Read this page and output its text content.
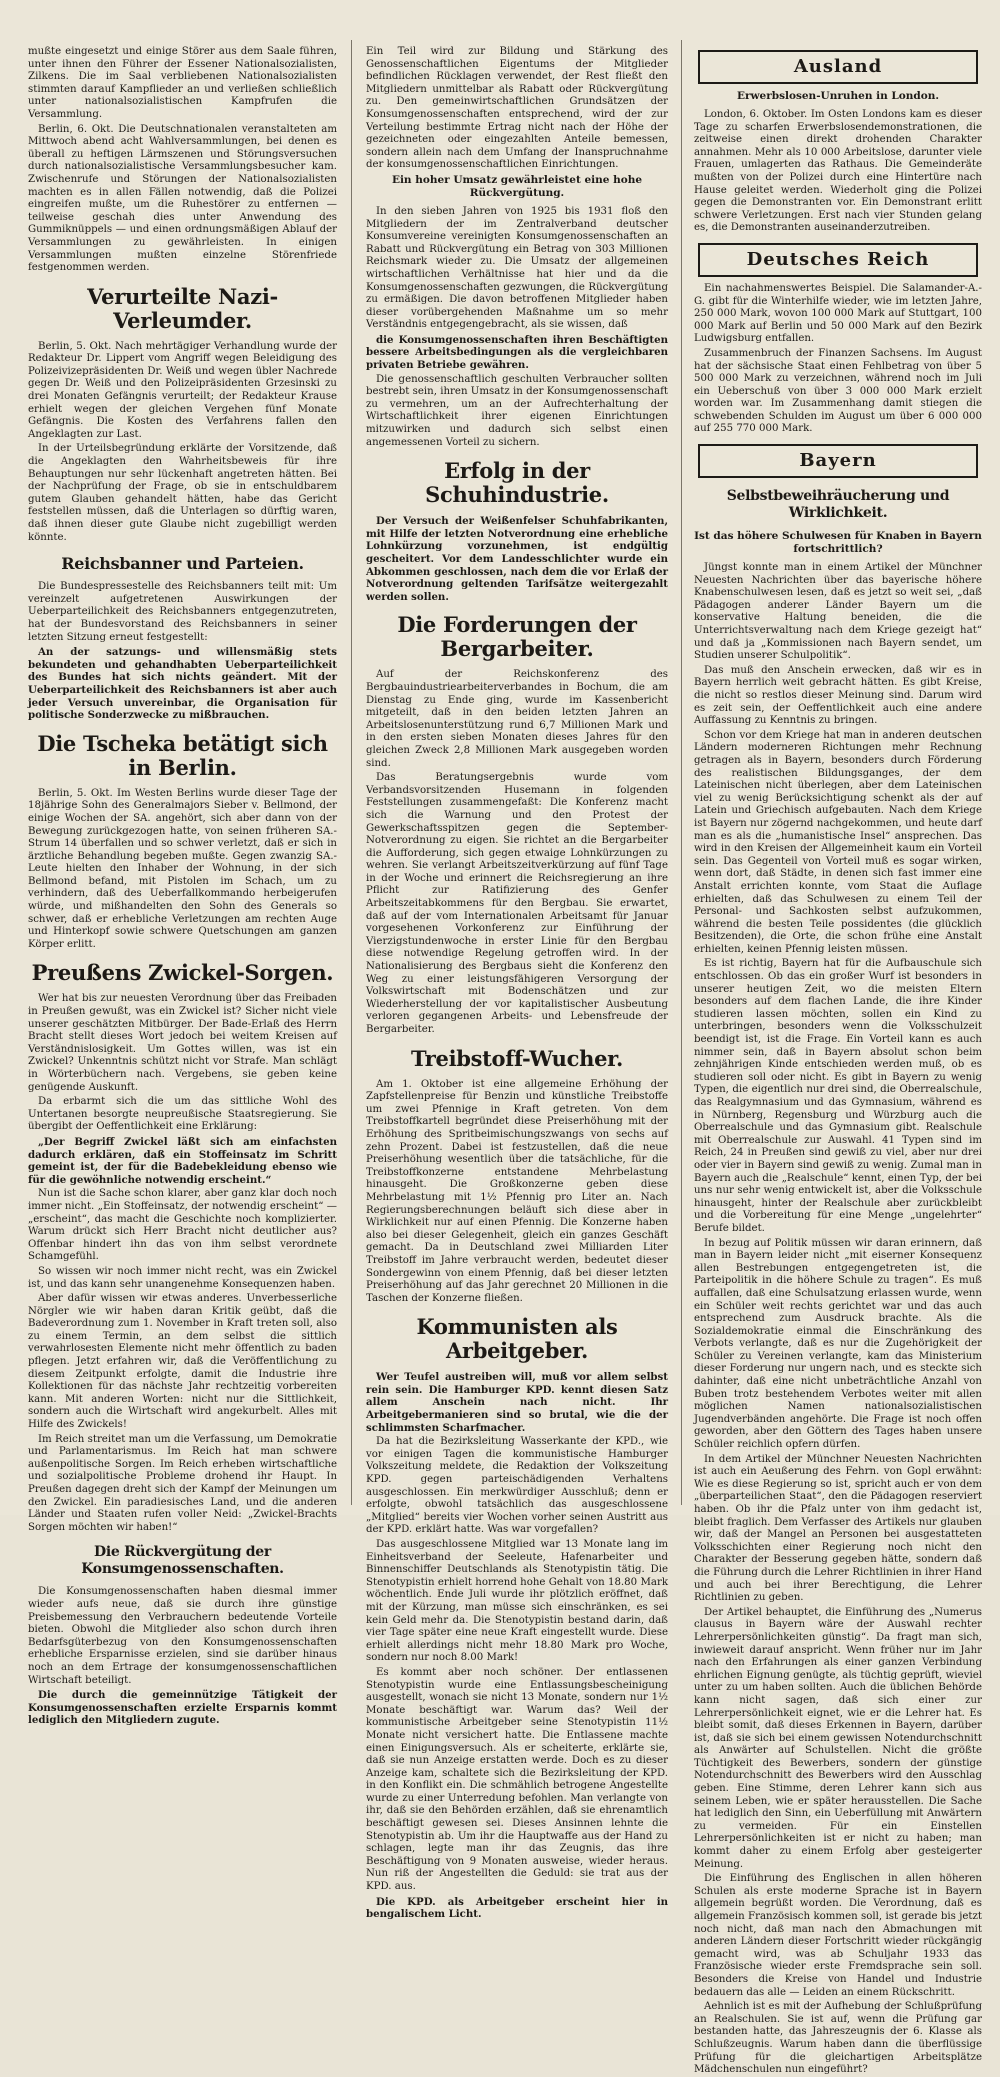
mußte eingesetzt und einige Störer aus dem Saale führen, unter ihnen den Führer der Essener Nationalsozialisten, Zilkens. Die im Saal verbliebenen Nationalsozialisten stimmten darauf Kampflieder an und verließen schließlich unter nationalsozialistischen Kampfrufen die Versammlung.

Berlin, 6. Okt. Die Deutschnationalen veranstalteten am Mittwoch abend acht Wahlversammlungen, bei denen es überall zu heftigen Lärmszenen und Störungsversuchen durch nationalsozialistische Versammlungsbesucher kam. Zwischenrufe und Störungen der Nationalsozialisten machten es in allen Fällen notwendig, daß die Polizei eingreifen mußte, um die Ruhestörer zu entfernen — teilweise geschah dies unter Anwendung des Gummiknüppels — und einen ordnungsmäßigen Ablauf der Versammlungen zu gewährleisten. In einigen Versammlungen mußten einzelne Störenfriede festgenommen werden.

Verurteilte Nazi-Verleumder.

Berlin, 5. Okt. Nach mehrtägiger Verhandlung wurde der Redakteur Dr. Lippert vom Angriff wegen Beleidigung des Polizeivizepräsidenten Dr. Weiß und wegen übler Nachrede gegen Dr. Weiß und den Polizeipräsidenten Grzesinski zu drei Monaten Gefängnis verurteilt; der Redakteur Krause erhielt wegen der gleichen Vergehen fünf Monate Gefängnis. Die Kosten des Verfahrens fallen den Angeklagten zur Last.

In der Urteilsbegründung erklärte der Vorsitzende, daß die Angeklagten den Wahrheitsbeweis für ihre Behauptungen nur sehr lückenhaft angetreten hätten. Bei der Nachprüfung der Frage, ob sie in entschuldbarem gutem Glauben gehandelt hätten, habe das Gericht feststellen müssen, daß die Unterlagen so dürftig waren, daß ihnen dieser gute Glaube nicht zugebilligt werden könnte.

Reichsbanner und Parteien.

Die Bundespressestelle des Reichsbanners teilt mit: Um vereinzelt aufgetretenen Auswirkungen der Ueberparteilichkeit des Reichsbanners entgegenzutreten, hat der Bundesvorstand des Reichsbanners in seiner letzten Sitzung erneut festgestellt:

An der satzungs- und willensmäßig stets bekundeten und gehandhabten Ueberparteilichkeit des Bundes hat sich nichts geändert. Mit der Ueberparteilichkeit des Reichsbanners ist aber auch jeder Versuch unvereinbar, die Organisation für politische Sonderzwecke zu mißbrauchen.

Die Tscheka betätigt sich in Berlin.

Berlin, 5. Okt. Im Westen Berlins wurde dieser Tage der 18jährige Sohn des Generalmajors Sieber v. Bellmond, der einige Wochen der SA. angehört, sich aber dann von der Bewegung zurückgezogen hatte, von seinen früheren SA.-Strum 14 überfallen und so schwer verletzt, daß er sich in ärztliche Behandlung begeben mußte. Gegen zwanzig SA.-Leute hielten den Inhaber der Wohnung, in der sich Bellmond befand, mit Pistolen im Schach, um zu verhindern, daß des Ueberfallkommando herbeigerufen würde, und mißhandelten den Sohn des Generals so schwer, daß er erhebliche Verletzungen am rechten Auge und Hinterkopf sowie schwere Quetschungen am ganzen Körper erlitt.

Preußens Zwickel-Sorgen.

Wer hat bis zur neuesten Verordnung über das Freibaden in Preußen gewußt, was ein Zwickel ist? Sicher nicht viele unserer geschätzten Mitbürger. Der Bade-Erlaß des Herrn Bracht stellt dieses Wort jedoch bei weitem Kreisen auf Verständnislosigkeit. Um Gottes willen, was ist ein Zwickel? Unkenntnis schützt nicht vor Strafe. Man schlägt in Wörterbüchern nach. Vergebens, sie geben keine genügende Auskunft.

Da erbarmt sich die um das sittliche Wohl des Untertanen besorgte neupreußische Staatsregierung. Sie übergibt der Oeffentlichkeit eine Erklärung:

„Der Begriff Zwickel läßt sich am einfachsten dadurch erklären, daß ein Stoffeinsatz im Schritt gemeint ist, der für die Badebekleidung ebenso wie für die gewöhnliche notwendig erscheint.“

Nun ist die Sache schon klarer, aber ganz klar doch noch immer nicht. „Ein Stoffeinsatz, der notwendig erscheint“ — „erscheint“, das macht die Geschichte noch komplizierter. Warum drückt sich Herr Bracht nicht deutlicher aus? Offenbar hindert ihn das von ihm selbst verordnete Schamgefühl.

So wissen wir noch immer nicht recht, was ein Zwickel ist, und das kann sehr unangenehme Konsequenzen haben.

Aber dafür wissen wir etwas anderes. Unverbesserliche Nörgler wie wir haben daran Kritik geübt, daß die Badeverordnung zum 1. November in Kraft treten soll, also zu einem Termin, an dem selbst die sittlich verwahrlosesten Elemente nicht mehr öffentlich zu baden pflegen. Jetzt erfahren wir, daß die Veröffentlichung zu diesem Zeitpunkt erfolgte, damit die Industrie ihre Kollektionen für das nächste Jahr rechtzeitig vorbereiten kann. Mit anderen Worten: nicht nur die Sittlichkeit, sondern auch die Wirtschaft wird angekurbelt. Alles mit Hilfe des Zwickels!

Im Reich streitet man um die Verfassung, um Demokratie und Parlamentarismus. Im Reich hat man schwere außenpolitische Sorgen. Im Reich erheben wirtschaftliche und sozialpolitische Probleme drohend ihr Haupt. In Preußen dagegen dreht sich der Kampf der Meinungen um den Zwickel. Ein paradiesisches Land, und die anderen Länder und Staaten rufen voller Neid: „Zwickel-Brachts Sorgen möchten wir haben!“

Die Rückvergütung der Konsumgenossenschaften.

Die Konsumgenossenschaften haben diesmal immer wieder aufs neue, daß sie durch ihre günstige Preisbemessung den Verbrauchern bedeutende Vorteile bieten. Obwohl die Mitglieder also schon durch ihren Bedarfsgüterbezug von den Konsumgenossenschaften erhebliche Ersparnisse erzielen, sind sie darüber hinaus noch an dem Ertrage der konsumgenossenschaftlichen Wirtschaft beteiligt.

Die durch die gemeinnützige Tätigkeit der Konsumgenossenschaften erzielte Ersparnis kommt lediglich den Mitgliedern zugute.

Ein Teil wird zur Bildung und Stärkung des Genossenschaftlichen Eigentums der Mitglieder befindlichen Rücklagen verwendet, der Rest fließt den Mitgliedern unmittelbar als Rabatt oder Rückvergütung zu. Den gemeinwirtschaftlichen Grundsätzen der Konsumgenossenschaften entsprechend, wird der zur Verteilung bestimmte Ertrag nicht nach der Höhe der gezeichneten oder eingezahlten Anteile bemessen, sondern allein nach dem Umfang der Inanspruchnahme der konsumgenossenschaftlichen Einrichtungen.

Ein hoher Umsatz gewährleistet eine hohe Rückvergütung.

In den sieben Jahren von 1925 bis 1931 floß den Mitgliedern der im Zentralverband deutscher Konsumvereine vereinigten Konsumgenossenschaften an Rabatt und Rückvergütung ein Betrag von 303 Millionen Reichsmark wieder zu. Die Umsatz der allgemeinen wirtschaftlichen Verhältnisse hat hier und da die Konsumgenossenschaften gezwungen, die Rückvergütung zu ermäßigen. Die davon betroffenen Mitglieder haben dieser vorübergehenden Maßnahme um so mehr Verständnis entgegengebracht, als sie wissen, daß

die Konsumgenossenschaften ihren Beschäftigten bessere Arbeitsbedingungen als die vergleichbaren privaten Betriebe gewähren.

Die genossenschaftlich geschulten Verbraucher sollten bestrebt sein, ihren Umsatz in der Konsumgenossenschaft zu vermehren, um an der Aufrechterhaltung der Wirtschaftlichkeit ihrer eigenen Einrichtungen mitzuwirken und dadurch sich selbst einen angemessenen Vorteil zu sichern.

Erfolg in der Schuhindustrie.

Der Versuch der Weißenfelser Schuhfabrikanten, mit Hilfe der letzten Notverordnung eine erhebliche Lohnkürzung vorzunehmen, ist endgültig gescheitert. Vor dem Landesschlichter wurde ein Abkommen geschlossen, nach dem die vor Erlaß der Notverordnung geltenden Tarifsätze weitergezahlt werden sollen.

Die Forderungen der Bergarbeiter.

Auf der Reichskonferenz des Bergbauindustriearbeiterverbandes in Bochum, die am Dienstag zu Ende ging, wurde im Kassenbericht mitgeteilt, daß in den beiden letzten Jahren an Arbeitslosenunterstützung rund 6,7 Millionen Mark und in den ersten sieben Monaten dieses Jahres für den gleichen Zweck 2,8 Millionen Mark ausgegeben worden sind.

Das Beratungsergebnis wurde vom Verbandsvorsitzenden Husemann in folgenden Feststellungen zusammengefaßt: Die Konferenz macht sich die Warnung und den Protest der Gewerkschaftsspitzen gegen die September-Notverordnung zu eigen. Sie richtet an die Bergarbeiter die Aufforderung, sich gegen etwaige Lohnkürzungen zu wehren. Sie verlangt Arbeitszeitverkürzung auf fünf Tage in der Woche und erinnert die Reichsregierung an ihre Pflicht zur Ratifizierung des Genfer Arbeitszeitabkommens für den Bergbau. Sie erwartet, daß auf der vom Internationalen Arbeitsamt für Januar vorgesehenen Vorkonferenz zur Einführung der Vierzigstundenwoche in erster Linie für den Bergbau diese notwendige Regelung getroffen wird. In der Nationalisierung des Bergbaus sieht die Konferenz den Weg zu einer leistungsfähigeren Versorgung der Volkswirtschaft mit Bodenschätzen und zur Wiederherstellung der vor kapitalistischer Ausbeutung verloren gegangenen Arbeits- und Lebensfreude der Bergarbeiter.

Treibstoff-Wucher.

Am 1. Oktober ist eine allgemeine Erhöhung der Zapfstellenpreise für Benzin und künstliche Treibstoffe um zwei Pfennige in Kraft getreten. Von dem Treibstoffkartell begründet diese Preiserhöhung mit der Erhöhung des Spritbeimischungszwangs von sechs auf zehn Prozent. Dabei ist festzustellen, daß die neue Preiserhöhung wesentlich über die tatsächliche, für die Treibstoffkonzerne entstandene Mehrbelastung hinausgeht. Die Großkonzerne geben diese Mehrbelastung mit 1½ Pfennig pro Liter an. Nach Regierungsberechnungen beläuft sich diese aber in Wirklichkeit nur auf einen Pfennig. Die Konzerne haben also bei dieser Gelegenheit, gleich ein ganzes Geschäft gemacht. Da in Deutschland zwei Milliarden Liter Treibstoff im Jahre verbraucht werden, bedeutet dieser Sondergewinn von einem Pfennig, daß bei dieser letzten Preiserhöhung auf das Jahr gerechnet 20 Millionen in die Taschen der Konzerne fließen.

Kommunisten als Arbeitgeber.

Wer Teufel austreiben will, muß vor allem selbst rein sein. Die Hamburger KPD. kennt diesen Satz allem Anschein nach nicht. Ihr Arbeitgebermanieren sind so brutal, wie die der schlimmsten Scharfmacher.

Da hat die Bezirksleitung Wasserkante der KPD., wie vor einigen Tagen die kommunistische Hamburger Volkszeitung meldete, die Redaktion der Volkszeitung KPD. gegen parteischädigenden Verhaltens ausgeschlossen. Ein merkwürdiger Ausschluß; denn er erfolgte, obwohl tatsächlich das ausgeschlossene „Mitglied“ bereits vier Wochen vorher seinen Austritt aus der KPD. erklärt hatte. Was war vorgefallen?

Das ausgeschlossene Mitglied war 13 Monate lang im Einheitsverband der Seeleute, Hafenarbeiter und Binnenschiffer Deutschlands als Stenotypistin tätig. Die Stenotypistin erhielt horrend hohe Gehalt von 18.80 Mark wöchentlich. Ende Juli wurde ihr plötzlich eröffnet, daß mit der Kürzung, man müsse sich einschränken, es sei kein Geld mehr da. Die Stenotypistin bestand darin, daß vier Tage später eine neue Kraft eingestellt wurde. Diese erhielt allerdings nicht mehr 18.80 Mark pro Woche, sondern nur noch 8.00 Mark!

Es kommt aber noch schöner. Der entlassenen Stenotypistin wurde eine Entlassungsbescheinigung ausgestellt, wonach sie nicht 13 Monate, sondern nur 1½ Monate beschäftigt war. Warum das? Weil der kommunistische Arbeitgeber seine Stenotypistin 11½ Monate nicht versichert hatte. Die Entlassene machte einen Einigungsversuch. Als er scheiterte, erklärte sie, daß sie nun Anzeige erstatten werde. Doch es zu dieser Anzeige kam, schaltete sich die Bezirksleitung der KPD. in den Konflikt ein. Die schmählich betrogene Angestellte wurde zu einer Unterredung befohlen. Man verlangte von ihr, daß sie den Behörden erzählen, daß sie ehrenamtlich beschäftigt gewesen sei. Dieses Ansinnen lehnte die Stenotypistin ab. Um ihr die Hauptwaffe aus der Hand zu schlagen, legte man ihr das Zeugnis, das ihre Beschäftigung von 9 Monaten ausweise, wieder heraus. Nun riß der Angestellten die Geduld: sie trat aus der KPD. aus.

Die KPD. als Arbeitgeber erscheint hier in bengalischem Licht.

Ausland
Erwerbslosen-Unruhen in London.

London, 6. Oktober. Im Osten Londons kam es dieser Tage zu scharfen Erwerbslosendemonstrationen, die zeitweise einen direkt drohenden Charakter annahmen. Mehr als 10 000 Arbeitslose, darunter viele Frauen, umlagerten das Rathaus. Die Gemeinderäte mußten von der Polizei durch eine Hintertüre nach Hause geleitet werden. Wiederholt ging die Polizei gegen die Demonstranten vor. Ein Demonstrant erlitt schwere Verletzungen. Erst nach vier Stunden gelang es, die Demonstranten auseinanderzutreiben.

Deutsches Reich

Ein nachahmenswertes Beispiel. Die Salamander-A.-G. gibt für die Winterhilfe wieder, wie im letzten Jahre, 250 000 Mark, wovon 100 000 Mark auf Stuttgart, 100 000 Mark auf Berlin und 50 000 Mark auf den Bezirk Ludwigsburg entfallen.

Zusammenbruch der Finanzen Sachsens. Im August hat der sächsische Staat einen Fehlbetrag von über 5 500 000 Mark zu verzeichnen, während noch im Juli ein Ueberschuß von über 3 000 000 Mark erzielt worden war. Im Zusammenhang damit stiegen die schwebenden Schulden im August um über 6 000 000 auf 255 770 000 Mark.

Bayern
Selbstbeweihräucherung und Wirklichkeit.
Ist das höhere Schulwesen für Knaben in Bayern fortschrittlich?

Jüngst konnte man in einem Artikel der Münchner Neuesten Nachrichten über das bayerische höhere Knabenschulwesen lesen, daß es jetzt so weit sei, „daß Pädagogen anderer Länder Bayern um die konservative Haltung beneiden, die die Unterrichtsverwaltung nach dem Kriege gezeigt hat“ und daß ja „Kommissionen nach Bayern sendet, um Studien unserer Schulpolitik“.

Das muß den Anschein erwecken, daß wir es in Bayern herrlich weit gebracht hätten. Es gibt Kreise, die nicht so restlos dieser Meinung sind. Darum wird es zeit sein, der Oeffentlichkeit auch eine andere Auffassung zu Kenntnis zu bringen.

Schon vor dem Kriege hat man in anderen deutschen Ländern moderneren Richtungen mehr Rechnung getragen als in Bayern, besonders durch Förderung des realistischen Bildungsganges, der dem Lateinischen nicht überlegen, aber dem Lateinischen viel zu wenig Berücksichtigung schenkt als der auf Latein und Griechisch aufgebauten. Nach dem Kriege ist Bayern nur zögernd nachgekommen, und heute darf man es als die „humanistische Insel“ ansprechen. Das wird in den Kreisen der Allgemeinheit kaum ein Vorteil sein. Das Gegenteil von Vorteil muß es sogar wirken, wenn dort, daß Städte, in denen sich fast immer eine Anstalt errichten konnte, vom Staat die Auflage erhielten, daß das Schulwesen zu einem Teil der Personal- und Sachkosten selbst aufzukommen, während die besten Teile possidentes (die glücklich Besitzenden), die Orte, die schon frühe eine Anstalt erhielten, keinen Pfennig leisten müssen.

Es ist richtig, Bayern hat für die Aufbauschule sich entschlossen. Ob das ein großer Wurf ist besonders in unserer heutigen Zeit, wo die meisten Eltern besonders auf dem flachen Lande, die ihre Kinder studieren lassen möchten, sollen ein Kind zu unterbringen, besonders wenn die Volksschulzeit beendigt ist, ist die Frage. Ein Vorteil kann es auch nimmer sein, daß in Bayern absolut schon beim zehnjährigen Kinde entschieden werden muß, ob es studieren soll oder nicht. Es gibt in Bayern zu wenig Typen, die eigentlich nur drei sind, die Oberrealschule, das Realgymnasium und das Gymnasium, während es in Nürnberg, Regensburg und Würzburg auch die Oberrealschule und das Gymnasium gibt. Realschule mit Oberrealschule zur Auswahl. 41 Typen sind im Reich, 24 in Preußen sind gewiß zu viel, aber nur drei oder vier in Bayern sind gewiß zu wenig. Zumal man in Bayern auch die „Realschule“ kennt, einen Typ, der bei uns nur sehr wenig entwickelt ist, aber die Volksschule hinausgeht, hinter der Realschule aber zurückbleibt und die Vorbereitung für eine Menge „ungelehrter“ Berufe bildet.

In bezug auf Politik müssen wir daran erinnern, daß man in Bayern leider nicht „mit eiserner Konsequenz allen Bestrebungen entgegengetreten ist, die Parteipolitik in die höhere Schule zu tragen“. Es muß auffallen, daß eine Schulsatzung erlassen wurde, wenn ein Schüler weit rechts gerichtet war und das auch entsprechend zum Ausdruck brachte. Als die Sozialdemokratie einmal die Einschränkung des Verbots verlangte, daß es nur die Zugehörigkeit der Schüler zu Vereinen verlangte, kam das Ministerium dieser Forderung nur ungern nach, und es steckte sich dahinter, daß eine nicht unbeträchtliche Anzahl von Buben trotz bestehendem Verbotes weiter mit allen möglichen Namen nationalsozialistischen Jugendverbänden angehörte. Die Frage ist noch offen geworden, aber den Göttern des Tages haben unsere Schüler reichlich opfern dürfen.

In dem Artikel der Münchner Neuesten Nachrichten ist auch ein Aeußerung des Fehrn. von Gopl erwähnt: Wie es diese Regierung so ist, spricht auch er von dem „überparteilichen Staat“, den die Pädagogen reserviert haben. Ob ihr die Pfalz unter von ihm gedacht ist, bleibt fraglich. Dem Verfasser des Artikels nur glauben wir, daß der Mangel an Personen bei ausgestatteten Volksschichten einer Regierung noch nicht den Charakter der Besserung gegeben hätte, sondern daß die Führung durch die Lehrer Richtlinien in ihrer Hand und auch bei ihrer Berechtigung, die Lehrer Richtlinien zu geben.

Der Artikel behauptet, die Einführung des „Numerus clausus in Bayern wäre der Auswahl rechter Lehrerpersönlichkeiten günstig“. Da fragt man sich, inwieweit darauf anspricht. Wenn früher nur im Jahr nach den Erfahrungen als einer ganzen Verbindung ehrlichen Eignung genügte, als tüchtig geprüft, wieviel unter zu um haben sollten. Auch die üblichen Behörde kann nicht sagen, daß sich einer zur Lehrerpersönlichkeit eignet, wie er die Lehrer hat. Es bleibt somit, daß dieses Erkennen in Bayern, darüber ist, daß sie sich bei einem gewissen Notendurchschnitt als Anwärter auf Schulstellen. Nicht die größte Tüchtigkeit des Bewerbers, sondern der günstige Notendurchschnitt des Bewerbers wird den Ausschlag geben. Eine Stimme, deren Lehrer kann sich aus seinem Leben, wie er später herausstellen. Die Sache hat lediglich den Sinn, ein Ueberfüllung mit Anwärtern zu vermeiden. Für ein Einstellen Lehrerpersönlichkeiten ist er nicht zu haben; man kommt daher zu einem Erfolg aber gesteigerter Meinung.

Die Einführung des Englischen in allen höheren Schulen als erste moderne Sprache ist in Bayern allgemein begrüßt worden. Die Verordnung, daß es allgemein Französisch kommen soll, ist gerade bis jetzt noch nicht, daß man nach den Abmachungen mit anderen Ländern dieser Fortschritt wieder rückgängig gemacht wird, was ab Schuljahr 1933 das Französische wieder erste Fremdsprache sein soll. Besonders die Kreise von Handel und Industrie bedauern das alle — Leiden an einem Rückschritt.

Aehnlich ist es mit der Aufhebung der Schlußprüfung an Realschulen. Sie ist auf, wenn die Prüfung gar bestanden hatte, das Jahreszeugnis der 6. Klasse als Schlußzeugnis. Warum haben dann die überflüssige Prüfung für die gleichartigen Arbeitsplätze Mädchenschulen nun eingeführt?
